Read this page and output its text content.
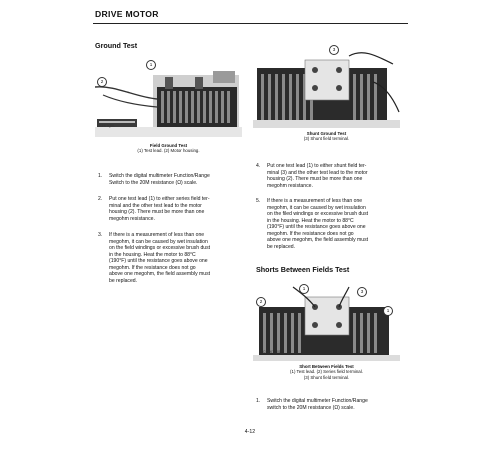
DRIVE MOTOR
Ground Test
1
2
CSEKTQ01
Field Ground Test
(1) Test lead. (2) Motor housing.
3
Shunt Ground Test
(3) Shunt field terminal.
1. Switch the digital multimeter Function/Range
Switch to the 20M resistance (Ω) scale.
2. Put one test lead (1) to either series field ter-
minal and the other test lead to the motor
housing (2). There must be more than one
megohm resistance.
3. If there is a measurement of less than one
megohm, it can be caused by wet insulation
on the field windings or excessive brush dust
in the housing. Heat the motor to 88°C
(190°F) until the resistance goes above one
megohm. If the resistance does not go
above one megohm, the field assembly must
be replaced.
4. Put one test lead (1) to either shunt field ter-
minal (3) and the other test lead to the motor
housing (2). There must be more than one
megohm resistance.
5. If there is a measurement of less than one
megohm, it can be caused by wet insulation
on the filed windings or excessive brush dust
in the housing. Heat the motor to 88°C
(190°F) until the resistance goes above one
megohm. If the resistance does not go
above one megohm, the field assembly must
be replaced.
Shorts Between Fields Test
1
2
3
1
CSEKTQ01
Short Between Fields Test
(1) Test lead. (2) Series field terminal.
(3) Shunt field terminal.
1. Switch the digital multimeter Function/Range
switch to the 20M resistance (Ω) scale.
4-12
